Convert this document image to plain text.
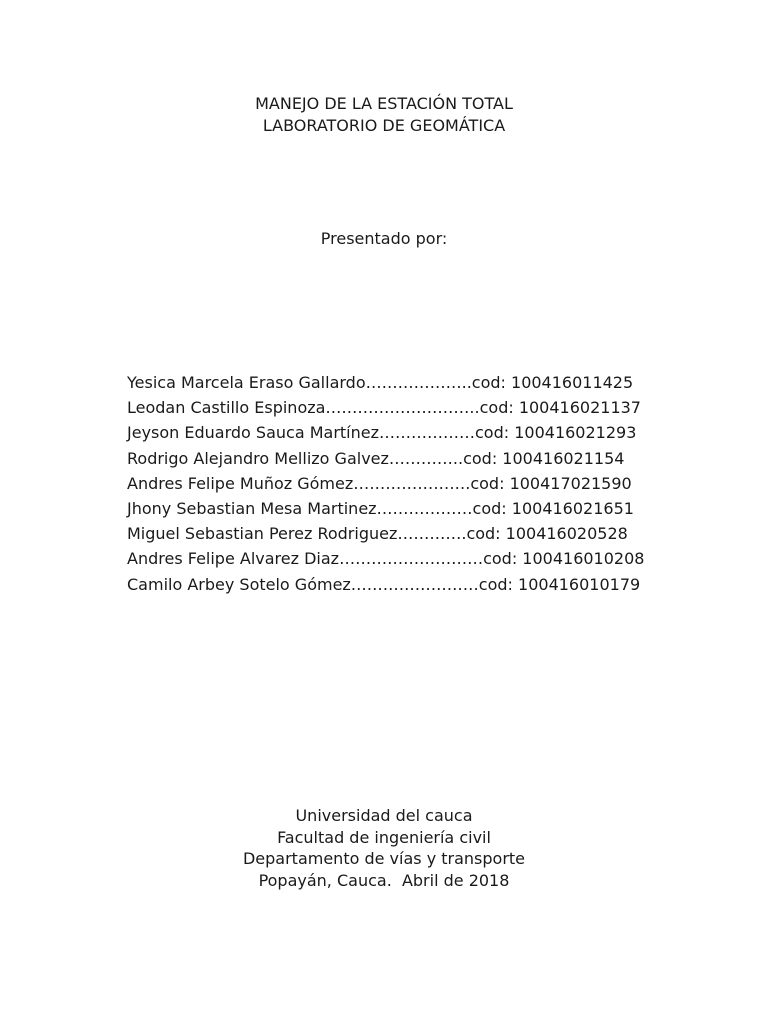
MANEJO DE LA ESTACIÓN TOTAL
LABORATORIO DE GEOMÁTICA
Presentado por:
Yesica Marcela Eraso Gallardo………………..cod: 100416011425
Leodan Castillo Espinoza………………………..cod: 100416021137
Jeyson Eduardo Sauca Martínez………………cod: 100416021293
Rodrigo Alejandro Mellizo Galvez…………..cod: 100416021154
Andres Felipe Muñoz Gómez………………….cod: 100417021590
Jhony Sebastian Mesa Martinez………………cod: 100416021651
Miguel Sebastian Perez Rodriguez………….cod: 100416020528
Andres Felipe Alvarez Diaz………………………cod: 100416010208
Camilo Arbey Sotelo Gómez……………………cod: 100416010179
Universidad del cauca
Facultad de ingeniería civil
Departamento de vías y transporte
Popayán, Cauca.  Abril de 2018
